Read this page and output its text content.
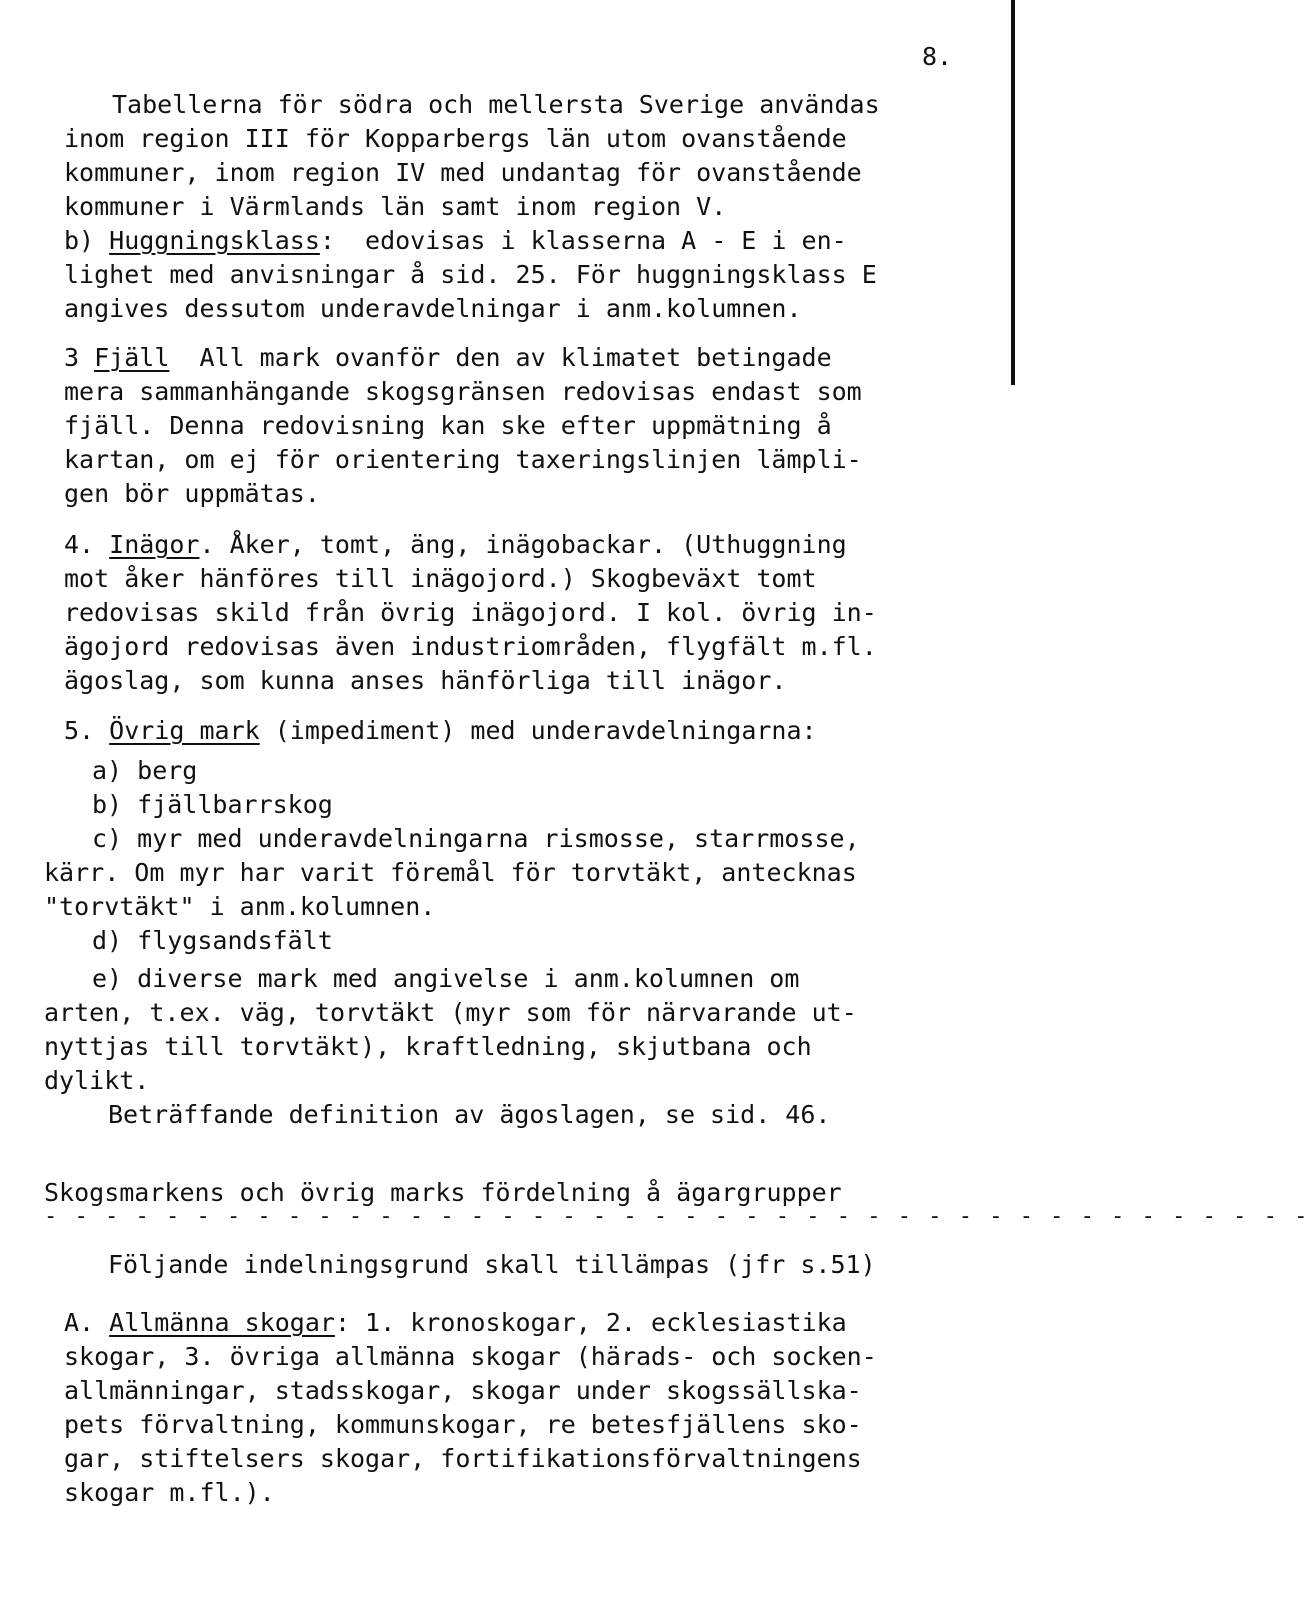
8.
Tabellerna för södra och mellersta Sverige användas
inom region III för Kopparbergs län utom ovanstående
kommuner, inom region IV med undantag för ovanstående
kommuner i Värmlands län samt inom region V.
b) Huggningsklass:  edovisas i klasserna A - E i en-
lighet med anvisningar å sid. 25. För huggningsklass E
angives dessutom underavdelningar i anm.kolumnen.
3 Fjäll  All mark ovanför den av klimatet betingade
mera sammanhängande skogsgränsen redovisas endast som
fjäll. Denna redovisning kan ske efter uppmätning å
kartan, om ej för orientering taxeringslinjen lämpli-
gen bör uppmätas.
4. Inägor. Åker, tomt, äng, inägobackar. (Uthuggning
mot åker hänföres till inägojord.) Skogbeväxt tomt
redovisas skild från övrig inägojord. I kol. övrig in-
ägojord redovisas även industriområden, flygfält m.fl.
ägoslag, som kunna anses hänförliga till inägor.
5. Övrig mark (impediment) med underavdelningarna:
a) berg
b) fjällbarrskog
c) myr med underavdelningarna rismosse, starrmosse,
kärr. Om myr har varit föremål för torvtäkt, antecknas
"torvtäkt" i anm.kolumnen.
d) flygsandsfält
e) diverse mark med angivelse i anm.kolumnen om
arten, t.ex. väg, torvtäkt (myr som för närvarande ut-
nyttjas till torvtäkt), kraftledning, skjutbana och
dylikt.
Beträffande definition av ägoslagen, se sid. 46.
Skogsmarkens och övrig marks fördelning å ägargrupper
- - - - - - - - - - - - - - - - - - - - - - - - - - - - - - - - - - - - - - - - - -
Följande indelningsgrund skall tillämpas (jfr s.51)
A. Allmänna skogar: 1. kronoskogar, 2. ecklesiastika
skogar, 3. övriga allmänna skogar (härads- och socken-
allmänningar, stadsskogar, skogar under skogssällska-
pets förvaltning, kommunskogar, re betesfjällens sko-
gar, stiftelsers skogar, fortifikationsförvaltningens
skogar m.fl.).
